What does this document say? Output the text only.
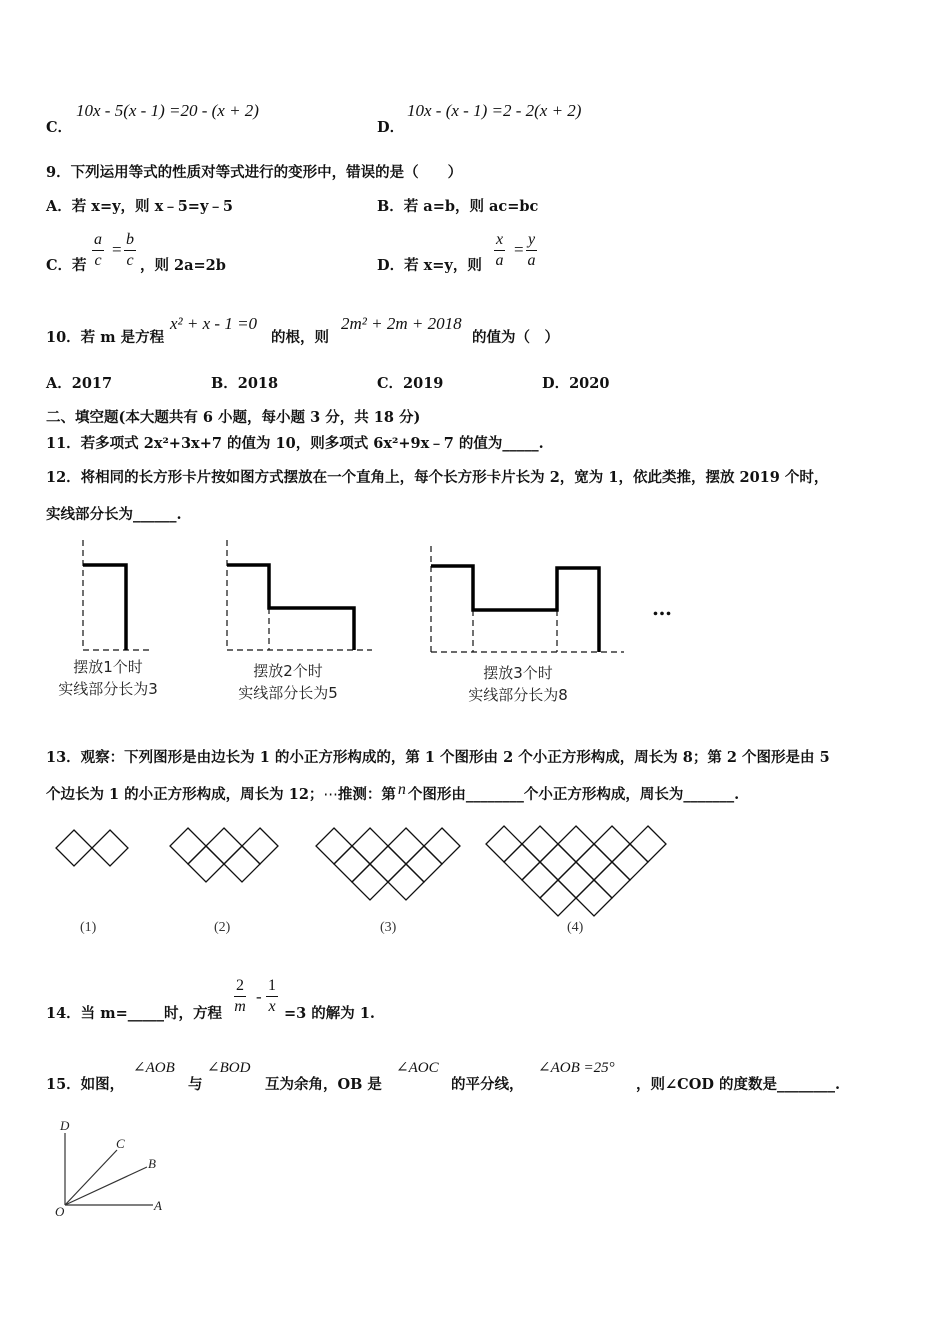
C．
10x - 5(x - 1) =20 - (x + 2)
D．
10x - (x - 1) =2 - 2(x + 2)
9．下列运用等式的性质对等式进行的变形中，错误的是（　　）
A．若 x=y，则 x﹣5=y﹣5	B．若 a=b，则 ac=bc
C．若 $\frac{a}{c} = \frac{b}{c}$ ，则 2a=2b	D．若 x=y，则 $\frac{x}{a} = \frac{y}{a}$
10．若 m 是方程
x² + x - 1 =0
的根，则
2m² + 2m + 2018
的值为（　）
A．2017	B．2018	C．2019	D．2020
二、填空题(本大题共有 6 小题，每小题 3 分，共 18 分)
11．若多项式 2x²+3x+7 的值为 10，则多项式 6x²+9x﹣7 的值为_____.
12．将相同的长方形卡片按如图方式摆放在一个直角上，每个长方形卡片长为 2，宽为 1，依此类推，摆放 2019 个时，
实线部分长为______.
…
摆放1个时
实线部分长为3
摆放2个时
实线部分长为5
摆放3个时
实线部分长为8
13．观察：下列图形是由边长为 1 的小正方形构成的，第 1 个图形由 2 个小正方形构成，周长为 8；第 2 个图形是由 5
个边长为 1 的小正方形构成，周长为 12；⋯推测：第 n 个图形由________个小正方形构成，周长为_______.
(1)	(2)	(3)	(4)
14．当 m=_____时，方程 $\frac{2}{m} - \frac{1}{x} =3$ 的解为 1.
15．如图，
∠AOB
与
∠BOD
互为余角，OB 是
∠AOC
的平分线，
∠AOB =25°
，则∠COD 的度数是________.
D
C
B
A
O
